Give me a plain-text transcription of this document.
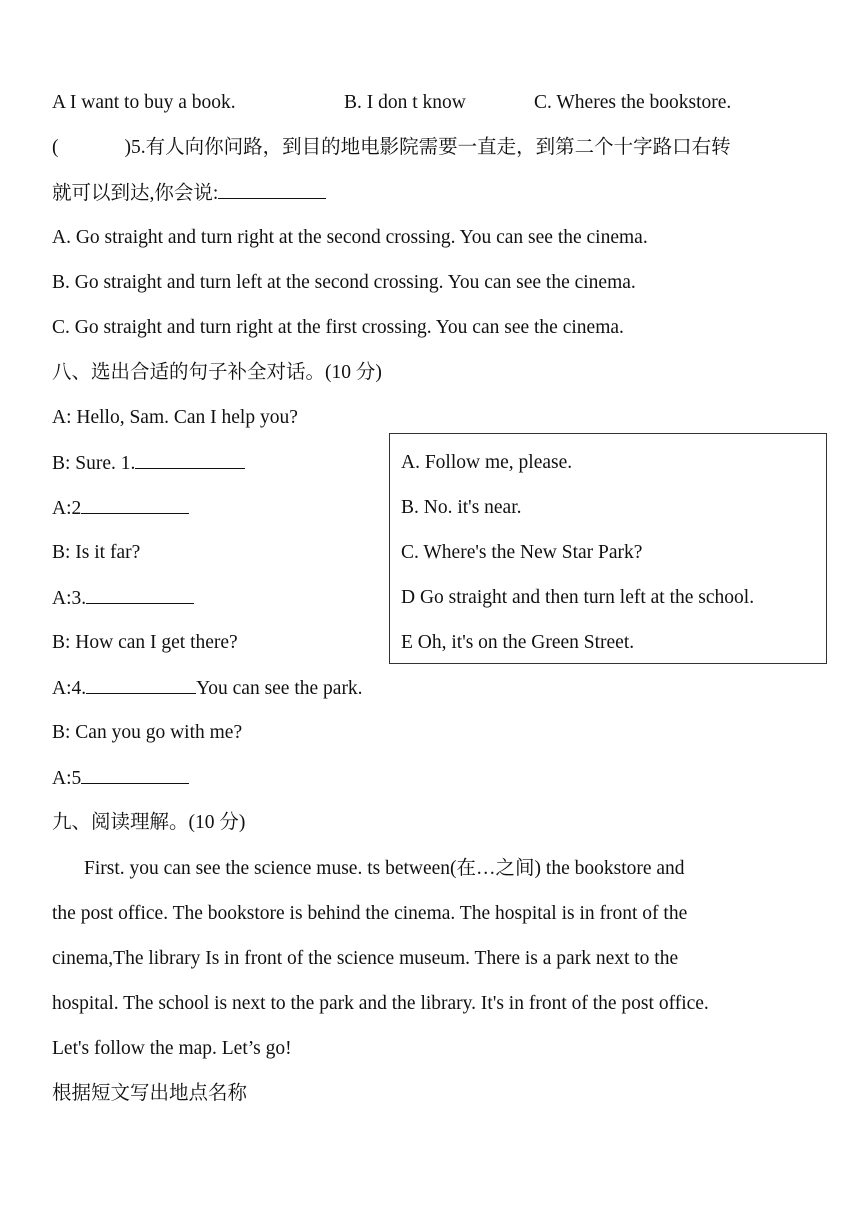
A I want to buy a book.	B. I don t know	C. Wheres the bookstore.
(	)5.有人向你问路，到目的地电影院需要一直走，到第二个十字路口右转
就可以到达,你会说:
A. Go straight and turn right at the second crossing. You can see the cinema.
B. Go straight and turn left at the second crossing. You can see the cinema.
C. Go straight and turn right at the first crossing. You can see the cinema.
八、选出合适的句子补全对话。(10 分)
A: Hello, Sam. Can I help you?
B: Sure. 1.
A:2
B: Is it far?
A:3.
B: How can I get there?
A:4.	You can see the park.
B: Can you go with me?
A:5
A. Follow me, please.
B. No. it's near.
C. Where's the New Star Park?
D Go straight and then turn left at the school.
E Oh, it's on the Green Street.
九、阅读理解。(10 分)
First. you can see the science muse. ts between(在…之间) the bookstore and
the post office. The bookstore is behind the cinema. The hospital is in front of the
cinema,The library Is in front of the science museum. There is a park next to the
hospital. The school is next to the park and the library. It's in front of the post office.
Let's follow the map. Let’s go!
根据短文写出地点名称
